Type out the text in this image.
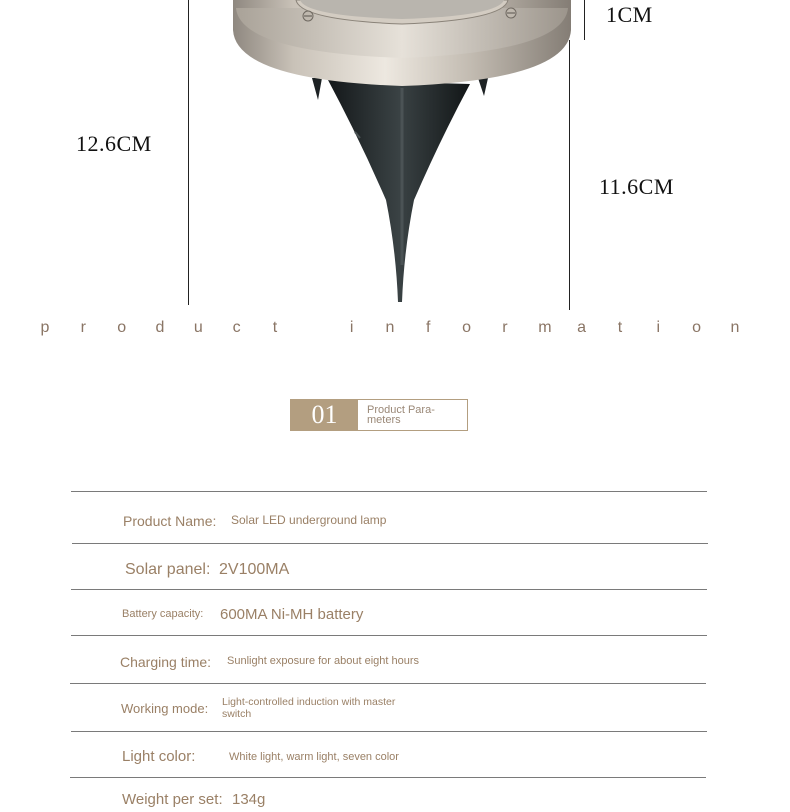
12.6CM
11.6CM
1CM
p r o d u c t
	i n f o r m a t i o n
01	Product Para-
meters
Product Name: Solar LED underground lamp
Solar panel: 2V100MA
Battery capacity: 600MA Ni-MH battery
Charging time: Sunlight exposure for about eight hours
Working mode: Light-controlled induction with master
switch
Light color:	White light, warm light, seven color
Weight per set: 134g
